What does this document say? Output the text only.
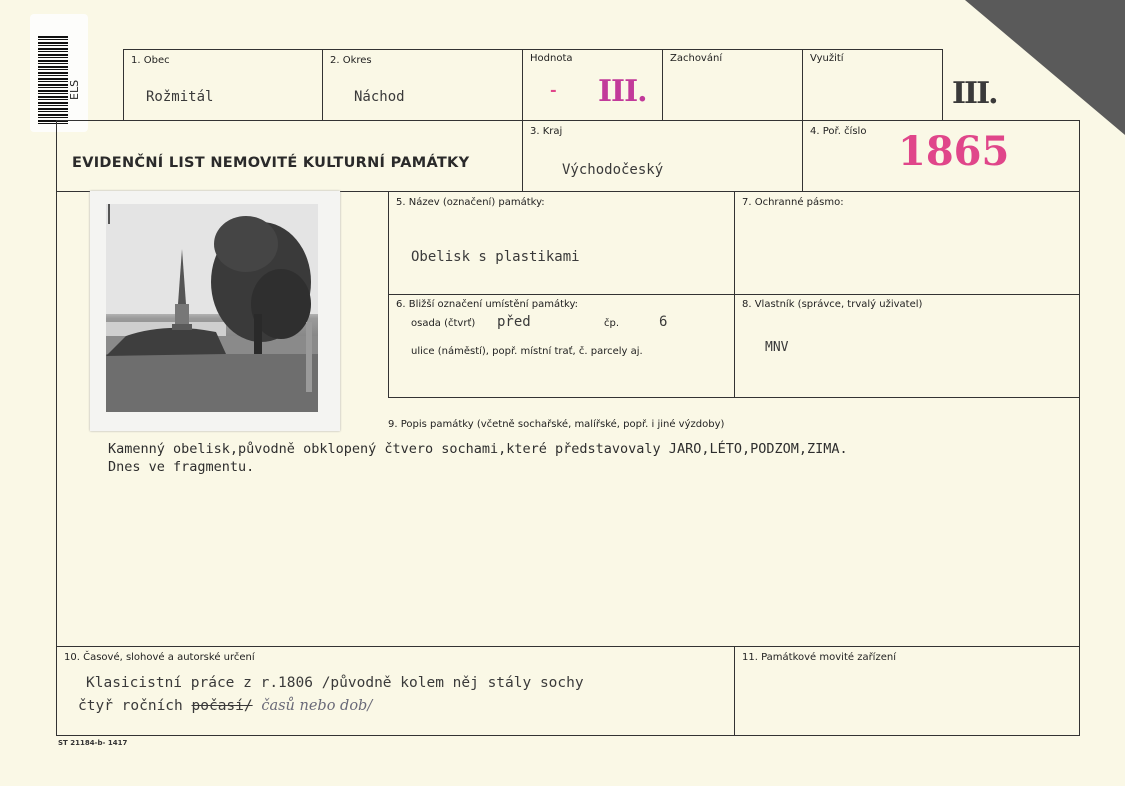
ELS
1. Obec
Rožmitál
2. Okres
Náchod
Hodnota
- III.
Zachování	Využití
III.
EVIDENČNÍ LIST NEMOVITÉ KULTURNÍ PAMÁTKY
3. Kraj
Východočeský
4. Poř. číslo 1865
5. Název (označení) památky:
Obelisk s plastikami
7. Ochranné pásmo:
6. Bližší označení umístění památky:
osada (čtvrť) před	čp.	6
ulice (náměstí), popř. místní trať, č. parcely aj.
8. Vlastník (správce, trvalý uživatel)
MNV
9. Popis památky (včetně sochařské, malířské, popř. i jiné výzdoby)
Kamenný obelisk,původně obklopený čtvero sochami,které představovaly JARO,LÉTO,PODZOM,ZIMA.
Dnes ve fragmentu.
10. Časové, slohové a autorské určení
Klasicistní práce z r.1806 /původně kolem něj stály sochy
čtyř ročních počasí/ časů nebo dob/
11. Památkové movité zařízení
ST 21184-b- 1417
